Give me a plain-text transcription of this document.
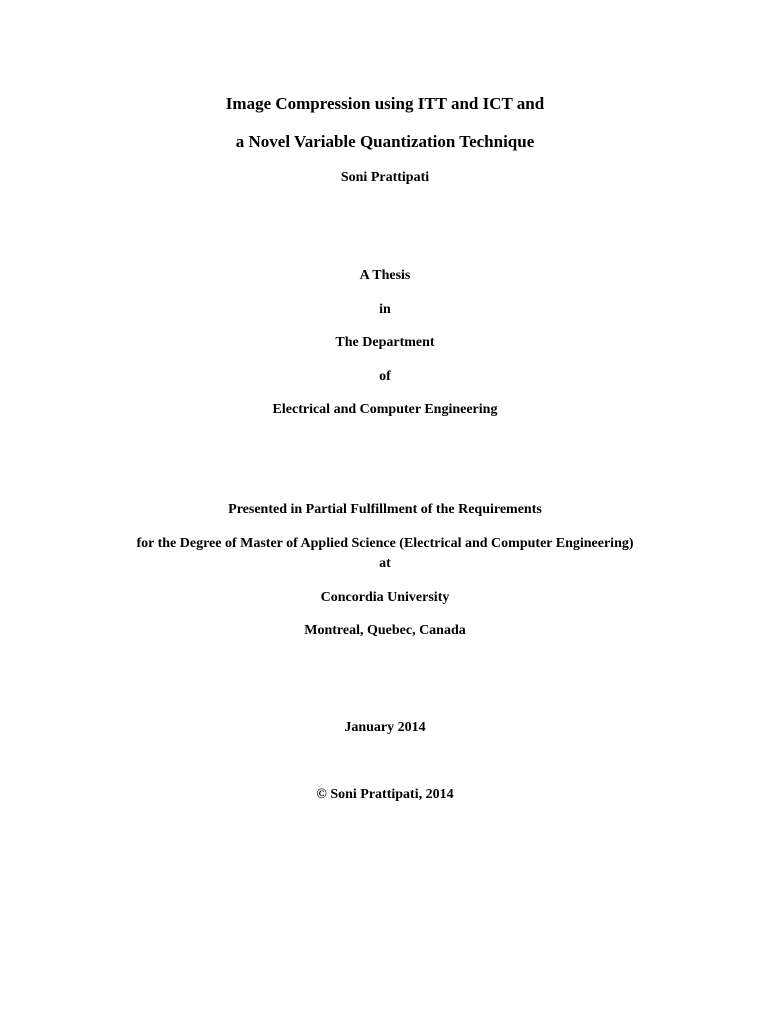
Image Compression using ITT and ICT and
a Novel Variable Quantization Technique
Soni Prattipati
A Thesis
in
The Department
of
Electrical and Computer Engineering
Presented in Partial Fulfillment of the Requirements
for the Degree of Master of Applied Science (Electrical and Computer Engineering)
at
Concordia University
Montreal, Quebec, Canada
January 2014
© Soni Prattipati, 2014
